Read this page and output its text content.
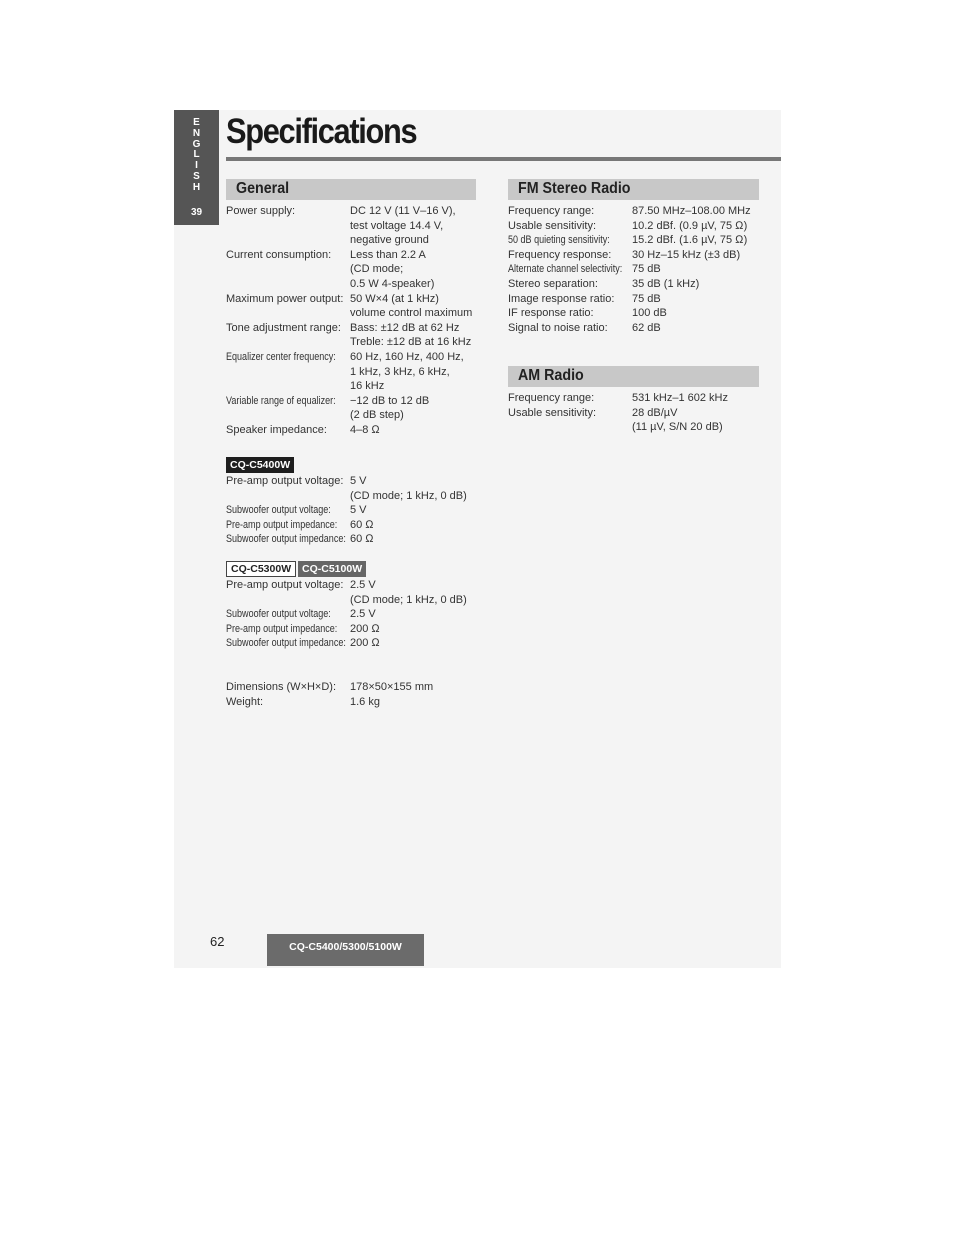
E
N
G
L
I
S
H
39
Specifications
General
Power supply:	DC 12 V (11 V–16 V),
test voltage 14.4 V,
negative ground
Current consumption: Less than 2.2 A
(CD mode;
0.5 W 4-speaker)
Maximum power output: 50 W×4 (at 1 kHz)
volume control maximum
Tone adjustment range: Bass: ±12 dB at 62 Hz
Treble: ±12 dB at 16 kHz
Equalizer center frequency: 60 Hz, 160 Hz, 400 Hz,
1 kHz, 3 kHz, 6 kHz,
16 kHz
Variable range of equalizer: −12 dB to 12 dB
(2 dB step)
Speaker impedance: 4–8 Ω
CQ-C5400W
Pre-amp output voltage: 5 V
(CD mode; 1 kHz, 0 dB)
Subwoofer output voltage: 5 V
Pre-amp output impedance: 60 Ω
Subwoofer output impedance: 60 Ω
CQ-C5300W	CQ-C5100W
Pre-amp output voltage: 2.5 V
(CD mode; 1 kHz, 0 dB)
Subwoofer output voltage: 2.5 V
Pre-amp output impedance: 200 Ω
Subwoofer output impedance: 200 Ω
Dimensions (W×H×D): 178×50×155 mm
Weight:	1.6 kg
FM Stereo Radio
Frequency range:	87.50 MHz–108.00 MHz
Usable sensitivity:	10.2 dBf. (0.9 µV, 75 Ω)
50 dB quieting sensitivity: 15.2 dBf. (1.6 µV, 75 Ω)
Frequency response: 30 Hz–15 kHz (±3 dB)
Alternate channel selectivity: 75 dB
Stereo separation:	35 dB (1 kHz)
Image response ratio: 75 dB
IF response ratio:	100 dB
Signal to noise ratio: 62 dB
AM Radio
Frequency range:	531 kHz–1 602 kHz
Usable sensitivity:	28 dB/µV
(11 µV, S/N 20 dB)
62	CQ-C5400/5300/5100W
